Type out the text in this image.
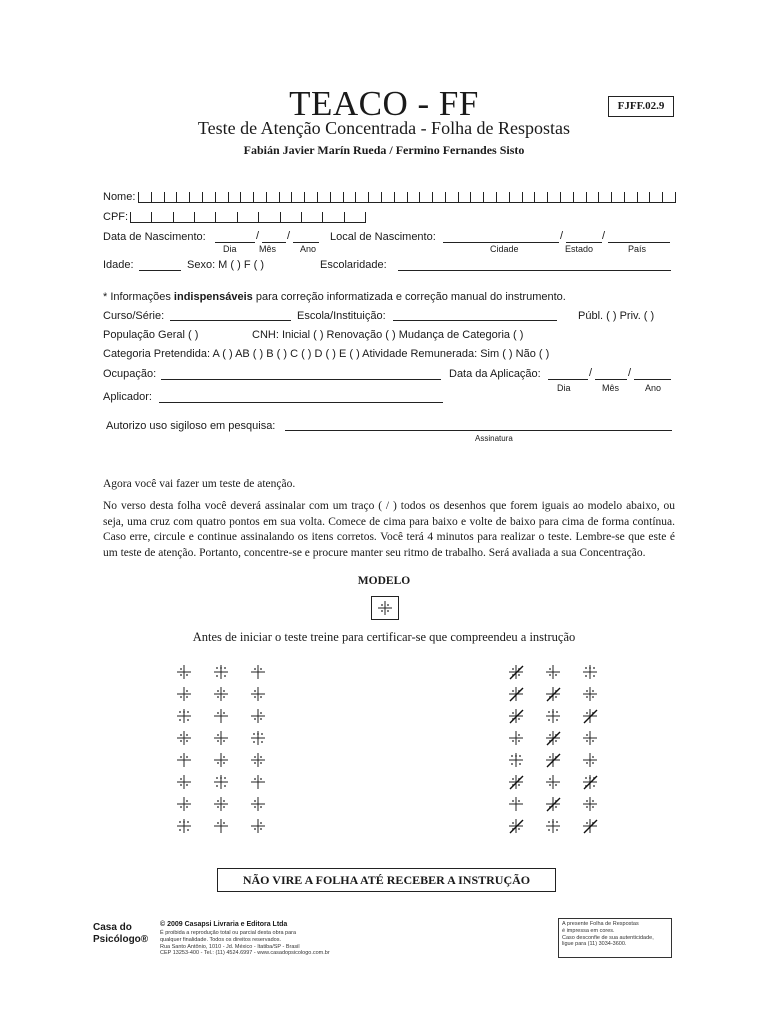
TEACO - FF	FJFF.02.9
Teste de Atenção Concentrada - Folha de Respostas
Fabián Javier Marín Rueda / Fermino Fernandes Sisto
Nome:
CPF:
Data de Nascimento:	/	/
Dia Mês	Ano
Local de Nascimento:	/	/
Cidade	Estado	País
Idade:	Sexo: M ( ) F ( )	Escolaridade:
* Informações indispensáveis para correção informatizada e correção manual do instrumento.
Curso/Série:	Escola/Instituição:	Públ. ( ) Priv. ( )
População Geral ( )	CNH: Inicial ( ) Renovação ( ) Mudança de Categoria ( )
Categoria Pretendida: A ( ) AB ( ) B ( ) C ( ) D ( ) E ( ) Atividade Remunerada: Sim ( ) Não ( )
Ocupação:	Data da Aplicação:	/	/
Dia	Mês	Ano
Aplicador:
Autorizo uso sigiloso em pesquisa:
Assinatura
Agora você vai fazer um teste de atenção.
No verso desta folha você deverá assinalar com um traço ( / ) todos os desenhos que forem iguais ao modelo abaixo, ou seja, uma cruz com quatro pontos em sua volta. Comece de cima para baixo e volte de baixo para cima de forma contínua. Caso erre, circule e continue assinalando os itens corretos. Você terá 4 minutos para realizar o teste. Lembre-se que este é um teste de atenção. Portanto, concentre-se e procure manter seu ritmo de trabalho. Será avaliada a sua Concentração.
MODELO
Antes de iniciar o teste treine para certificar-se que compreendeu a instrução
NÃO VIRE A FOLHA ATÉ RECEBER A INSTRUÇÃO
Casa do
Psicólogo®
© 2009 Casapsi Livraria e Editora Ltda
É proibida a reprodução total ou parcial desta obra para
qualquer finalidade. Todos os direitos reservados.
Rua Santo Antônio, 1010 - Jd. México - Itatiba/SP - Brasil
CEP 13253-400 - Tel.: (11) 4524.6997 - www.casadopsicologo.com.br
A presente Folha de Respostas
é impressa em cores.
Caso desconfie de sua autenticidade,
ligue para (11) 3034-3600.
